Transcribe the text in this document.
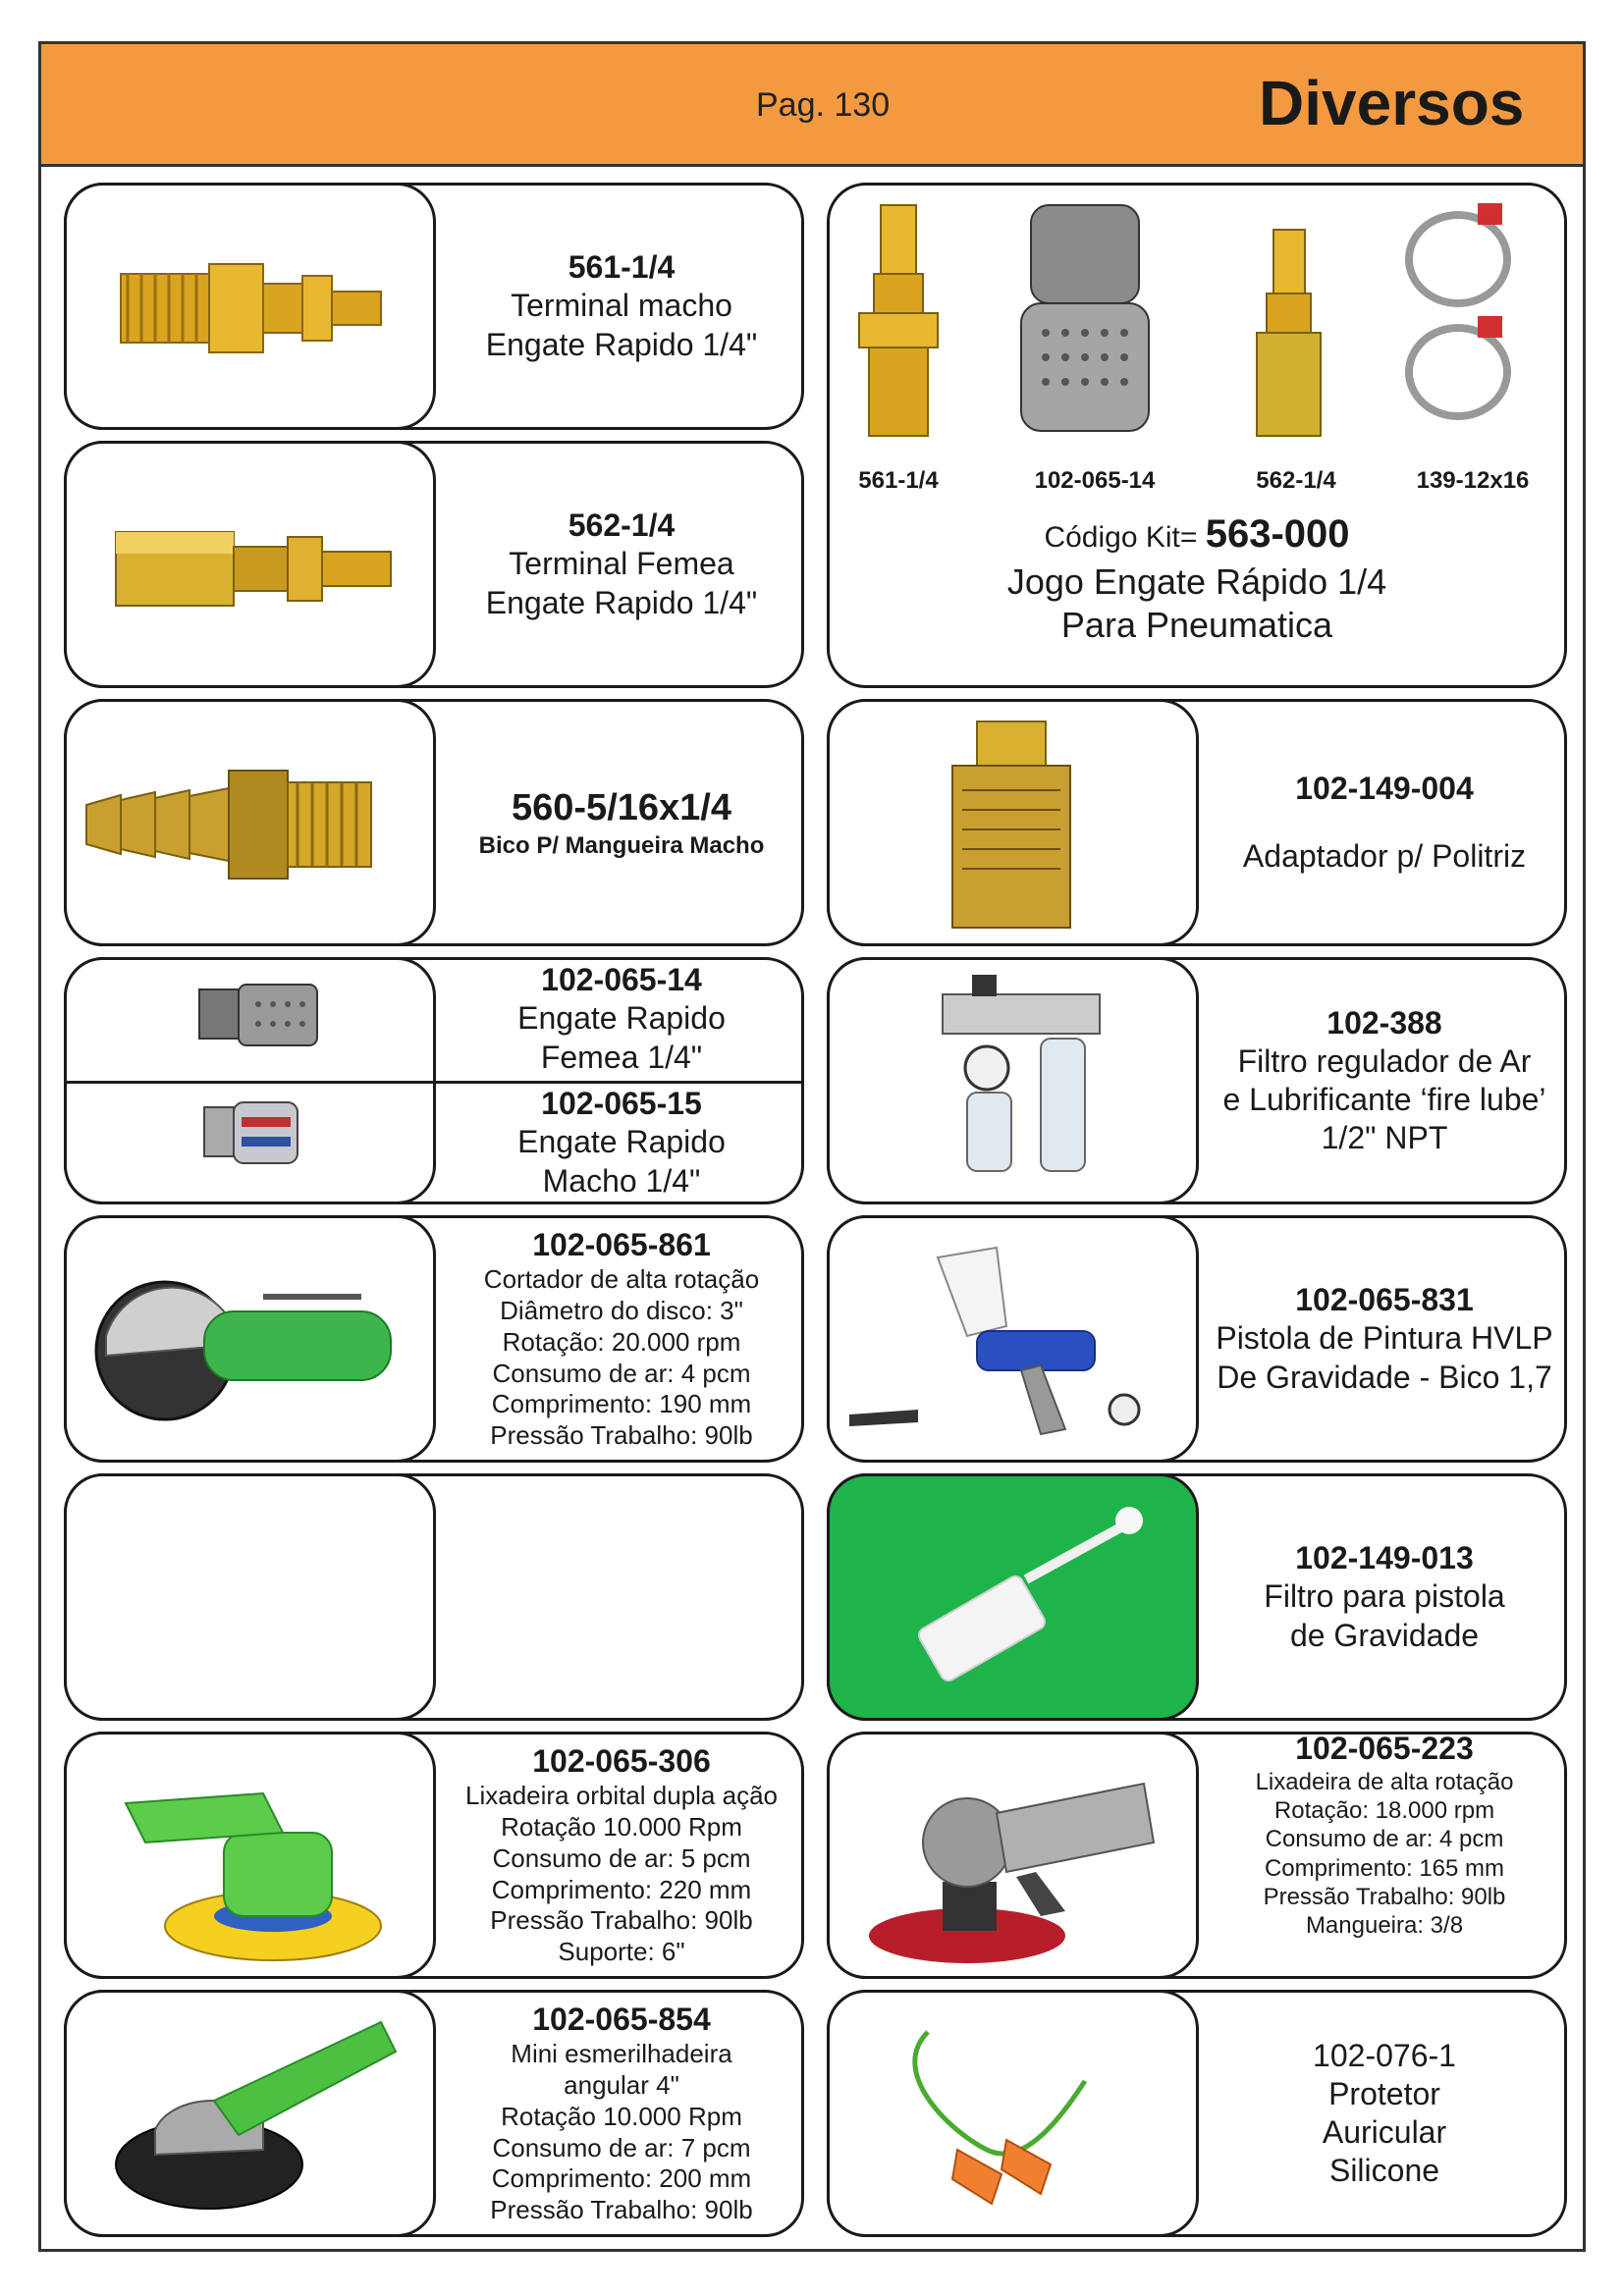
Pag. 130	Diversos
561-1/4
Terminal macho
Engate Rapido 1/4"
562-1/4
Terminal Femea
Engate Rapido 1/4"
560-5/16x1/4
Bico P/ Mangueira Macho
102-065-14
Engate Rapido
Femea 1/4"
102-065-15
Engate Rapido
Macho 1/4"
102-065-861
Cortador de alta rotação
Diâmetro do disco: 3"
Rotação: 20.000 rpm
Consumo de ar: 4 pcm
Comprimento: 190 mm
Pressão Trabalho: 90lb
102-065-306
Lixadeira orbital dupla ação
Rotação 10.000 Rpm
Consumo de ar: 5 pcm
Comprimento: 220 mm
Pressão Trabalho: 90lb
Suporte: 6"
102-065-854
Mini esmerilhadeira
angular 4"
Rotação 10.000 Rpm
Consumo de ar: 7 pcm
Comprimento: 200 mm
Pressão Trabalho: 90lb
561-1/4	102-065-14	562-1/4	139-12x16
Código Kit= 563-000
Jogo Engate Rápido 1/4
Para Pneumatica
102-149-004
Adaptador p/ Politriz
102-388
Filtro regulador de Ar
e Lubrificante ‘fire lube’
1/2" NPT
102-065-831
Pistola de Pintura HVLP
De Gravidade - Bico 1,7
102-149-013
Filtro para pistola
de Gravidade
102-065-223
Lixadeira de alta rotação
Rotação: 18.000 rpm
Consumo de ar: 4 pcm
Comprimento: 165 mm
Pressão Trabalho: 90lb
Mangueira: 3/8
102-076-1
Protetor
Auricular
Silicone
